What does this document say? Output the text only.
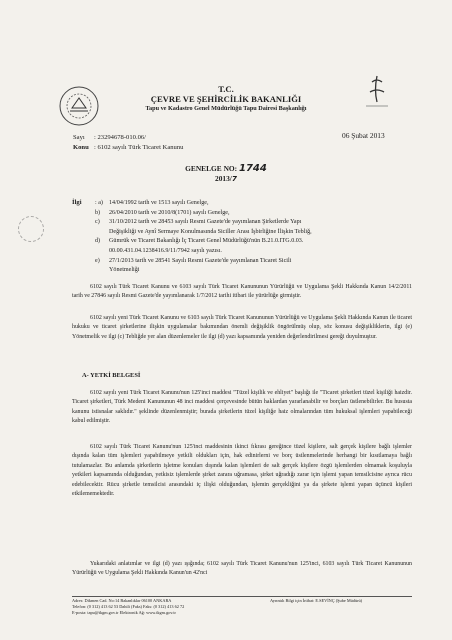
T.C.
ÇEVRE VE ŞEHİRCİLİK BAKANLIĞI
Tapu ve Kadastro Genel Müdürlüğü Tapu Dairesi Başkanlığı
Sayı : 23294678-010.06/
Konu : 6102 sayılı Türk Ticaret Kanunu
06 Şubat 2013
GENELGE NO: 1744
2013/7
İlgi : a) 14/04/1992 tarih ve 1513 sayılı Genelge,
b)	26/04/2010 tarih ve 2010/8(1701) sayılı Genelge,
c)	31/10/2012 tarih ve 28453 sayılı Resmi Gazete'de yayımlanan Şirketlerde Yapı
Değişikliği ve Aynî Sermaye Konulmasında Siciller Arası İşbirliğine İlişkin Tebliğ,
d)	Gümrük ve Ticaret Bakanlığı İç Ticaret Genel Müdürlüğü'nün B.21.0.ITG.0.03.
00.00.431.04.1238416.9/11/7942 sayılı yazısı.
e)	27/1/2013 tarih ve 28541 Sayılı Resmi Gazete'de yayımlanan Ticaret Sicili
Yönetmeliği
6102 sayılı Türk Ticaret Kanunu ve 6103 sayılı Türk Ticaret Kanununun Yürürlüğü ve Uygulama Şekli Hakkında Kanun 14/2/2011 tarih ve 27846 sayılı Resmi Gazete'de yayımlanarak 1/7/2012 tarihi itibari ile yürürlüğe girmiştir.
6102 sayılı yeni Türk Ticaret Kanunu ve 6103 sayılı Türk Ticaret Kanununun Yürürlüğü ve Uygulama Şekli Hakkında Kanun ile ticaret hukuku ve ticaret şirketlerine ilişkin uygulamalar bakımından önemli değişiklik öngörülmüş olup, söz konusu değişikliklerin, ilgi (e) Yönetmelik ve ilgi (c) Tebliğde yer alan düzenlemeler ile ilgi (d) yazı kapsamında yeniden değerlendirilmesi gereği duyulmuştur.
A- YETKİ BELGESİ
6102 sayılı yeni Türk Ticaret Kanunu'nun 125'inci maddesi "Tüzel kişilik ve ehliyet" başlığı ile "Ticaret şirketleri tüzel kişiliği haizdir. Ticaret şirketleri, Türk Medeni Kanununun 48 inci maddesi çerçevesinde bütün haklardan yararlanabilir ve borçları üstlenebilirler. Bu hususta kanunu istisnalar saklıdır." şeklinde düzenlenmiştir; burada şirketlerin tüzel kişiliğe haiz olmalarından tüm hukuksal işlemleri yapabileceği kabul edilmiştir.
6102 sayılı Türk Ticaret Kanunu'nun 125'inci maddesinin ikinci fıkrası gereğince tüzel kişilere, salt gerçek kişilere bağlı işlemler dışında kalan tüm işlemleri yapabilmeye yetkili oldukları için, hak edinirlerni ve borç üstlenmelerinde herhangi bir kısıtlamaya bağlı tutulamazlar. Bu anlamda şirketlerin işletme konuları dışında kalan işlemleri de salt gerçek kişilere özgü işlemlerden olmamak koşuluyla yetkileri kapsamında olduğundan, yetkisiz işlemlerde şirket zarara uğramasa, şirket uğradığı zarar için işlemi yapan temsilcisine ayrıca rücu edebilecektir. Rücu şirketle temsilcisi arasındaki iç ilişki olduğundan, işlemin gerçekliğini ya da şirkete işlemi yapan üçüncü kişileri etkilememektedir.
Yukarıdaki anlatımlar ve ilgi (d) yazı ışığında; 6102 sayılı Türk Ticaret Kanunu'nun 125'inci, 6103 sayılı Türk Ticaret Kanununun Yürürlüğü ve Uygulama Şekli Hakkında Kanun'un 42'nci
Adres: Dikmen Cad. No:14 Bakanlıklar 06100 ANKARA	Ayrıntılı Bilgi için İrtibat: E.SEVİNÇ (Şube Müdürü)
Telefon: (0 312) 413 62 53 Dahili (Faks) Faks: (0 312) 413 62 72
E-posta: tapu@tkgm.gov.tr Elektronik Ağ: www.tkgm.gov.tr
